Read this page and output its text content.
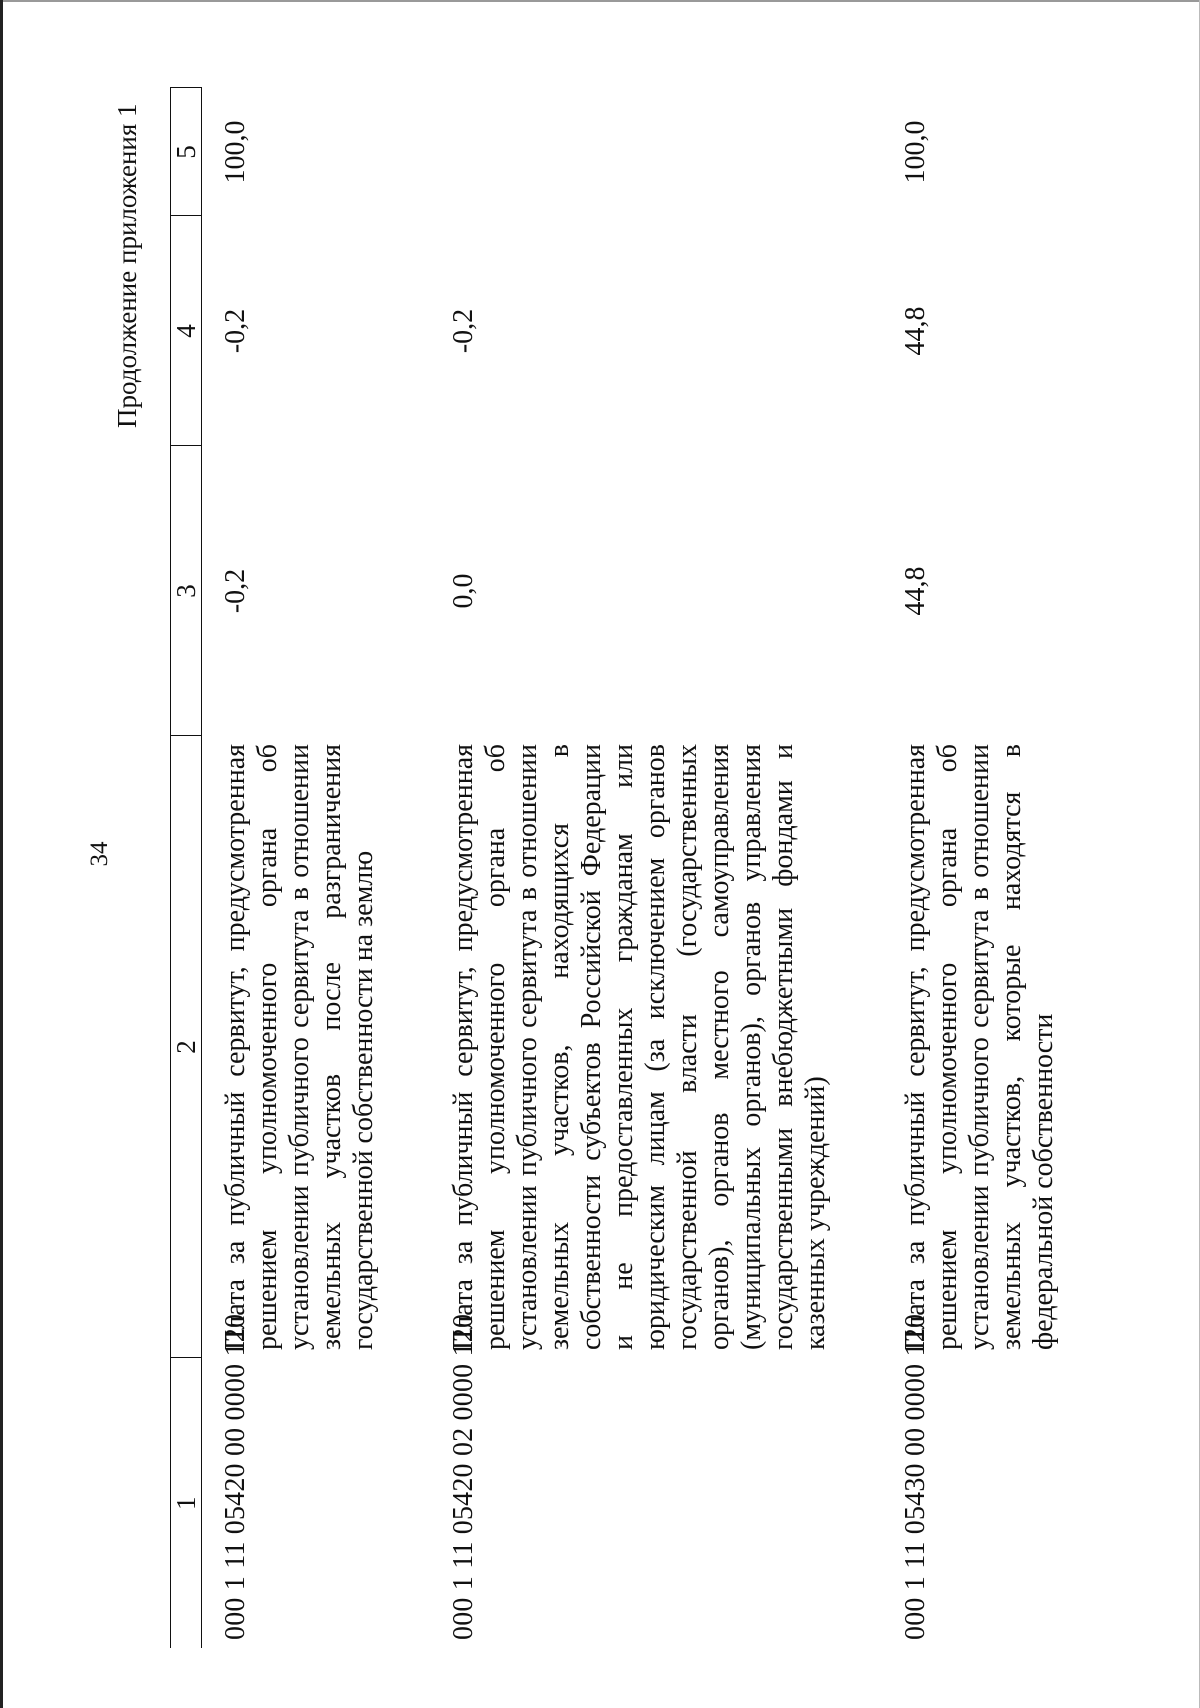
34
Продолжение приложения 1
1	2	3	4	5
000 1 11 05420 00 0000 120	Плата за публичный сервитут, предусмотренная решением уполномоченного органа об установлении публичного сервитута в отношении земельных участков после разграничения государственной собственности на землю	-0,2	-0,2	100,0
000 1 11 05420 02 0000 120	Плата за публичный сервитут, предусмотренная решением уполномоченного органа об установлении публичного сервитута в отношении земельных участков, находящихся в собственности субъектов Российской Федерации и не предоставленных гражданам или юридическим лицам (за исключением органов государственной власти (государственных органов), органов местного самоуправления (муниципальных органов), органов управления государственными внебюджетными фондами и казенных учреждений)	0,0	-0,2	
000 1 11 05430 00 0000 120	Плата за публичный сервитут, предусмотренная решением уполномоченного органа об установлении публичного сервитута в отношении земельных участков, которые находятся в федеральной собственности	44,8	44,8	100,0
